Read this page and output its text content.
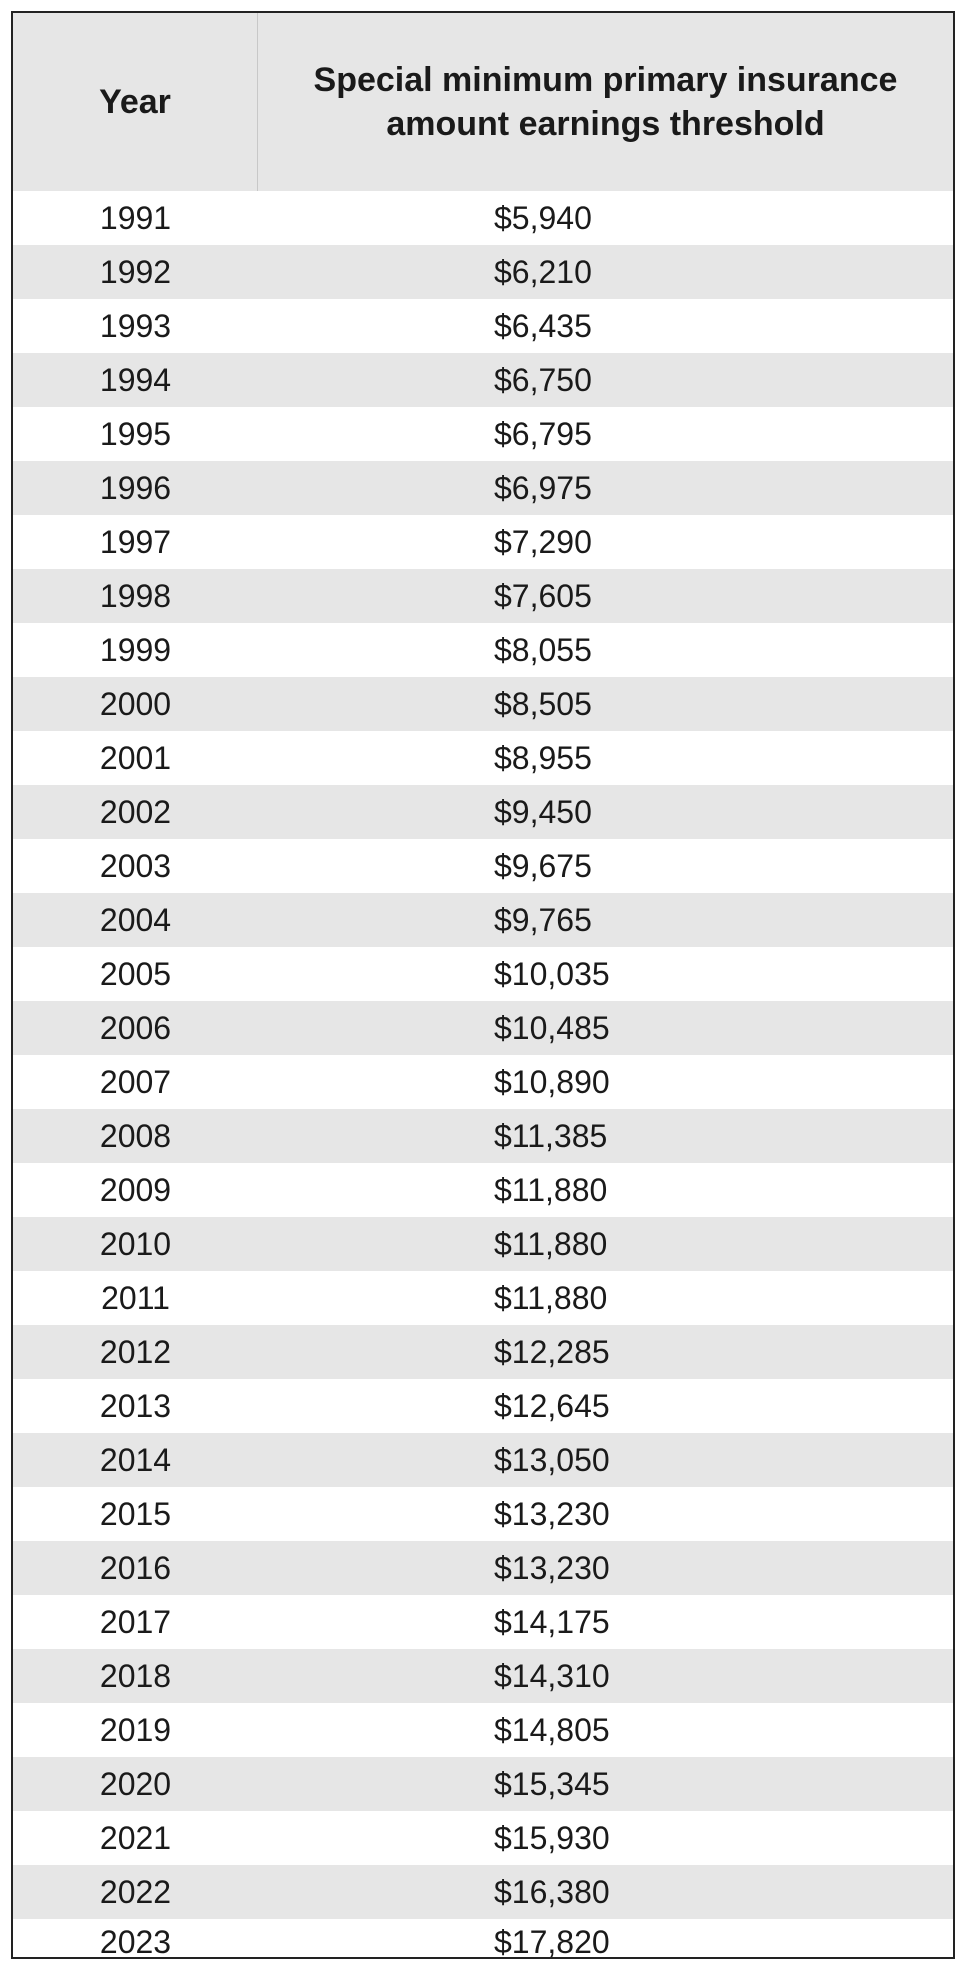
Year
Special minimum primary insurance amount earnings threshold
1991	$5,940
1992	$6,210
1993	$6,435
1994	$6,750
1995	$6,795
1996	$6,975
1997	$7,290
1998	$7,605
1999	$8,055
2000	$8,505
2001	$8,955
2002	$9,450
2003	$9,675
2004	$9,765
2005	$10,035
2006	$10,485
2007	$10,890
2008	$11,385
2009	$11,880
2010	$11,880
2011	$11,880
2012	$12,285
2013	$12,645
2014	$13,050
2015	$13,230
2016	$13,230
2017	$14,175
2018	$14,310
2019	$14,805
2020	$15,345
2021	$15,930
2022	$16,380
2023	$17,820
